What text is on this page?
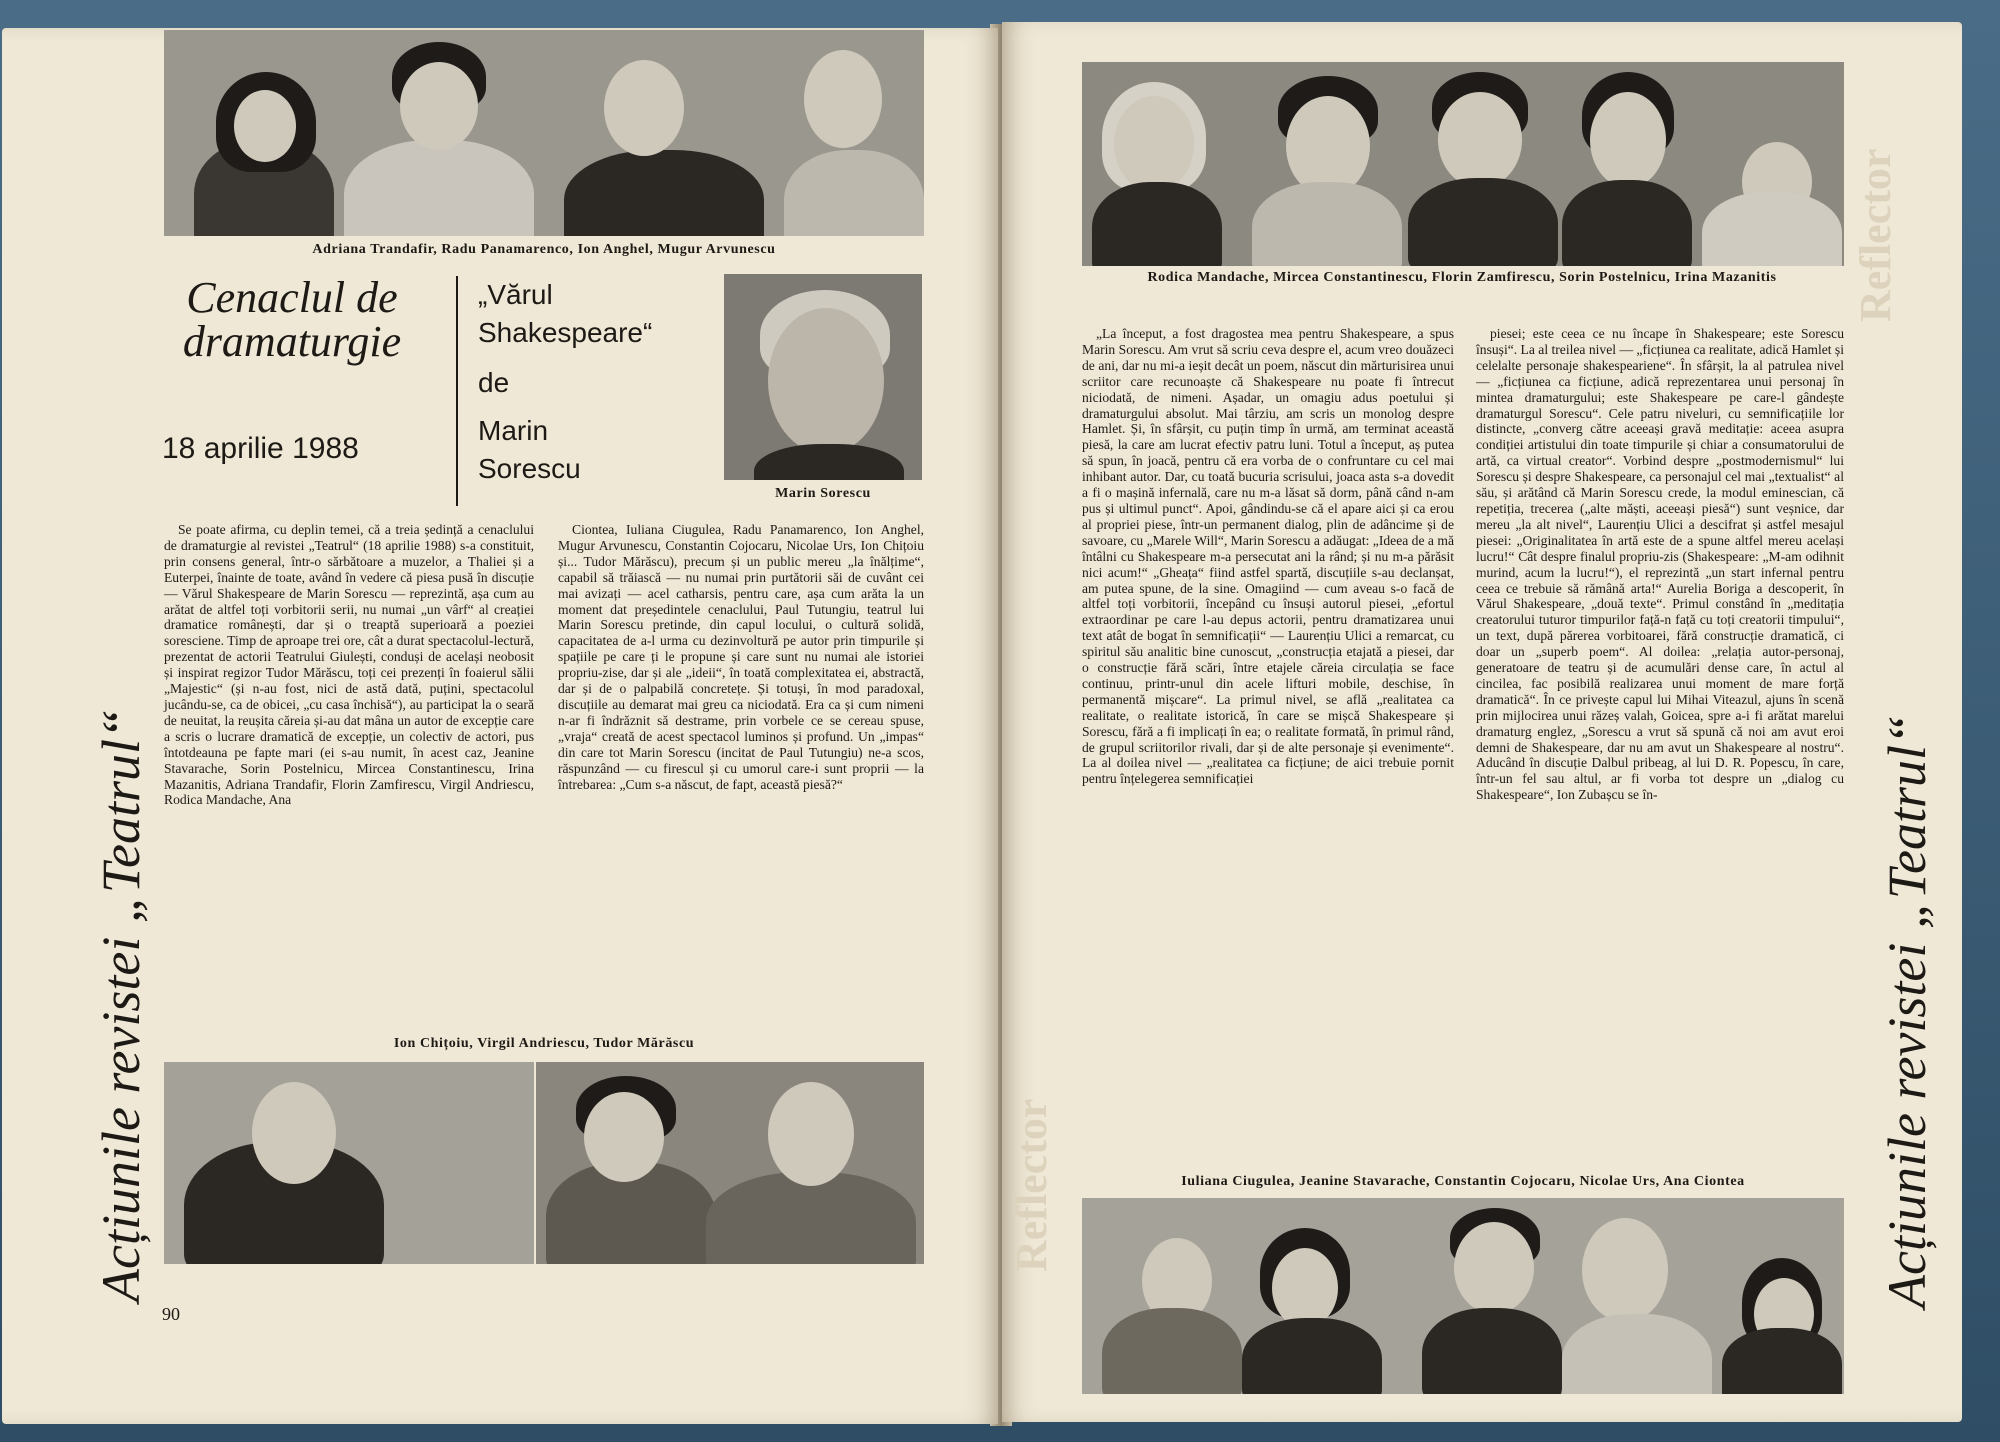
Adriana Trandafir, Radu Panamarenco, Ion Anghel, Mugur Arvunescu
Cenaclul de dramaturgie
18 aprilie 1988
„Vărul
Shakespeare“
de
Marin
Sorescu
Marin Sorescu

Se poate afirma, cu deplin temei, că a treia ședință a cenaclului de dramaturgie al revistei „Teatrul“ (18 aprilie 1988) s-a constituit, prin consens general, într-o sărbătoare a muzelor, a Thaliei și a Euterpei, înainte de toate, având în vedere că piesa pusă în discuție — Vărul Shakespeare de Marin Sorescu — reprezintă, așa cum au arătat de altfel toți vorbitorii serii, nu numai „un vârf“ al creației dramatice românești, dar și o treaptă superioară a poeziei soresciene. Timp de aproape trei ore, cât a durat spectacolul-lectură, prezentat de actorii Teatrului Giulești, conduși de același neobosit și inspirat regizor Tudor Mărăscu, toți cei prezenți în foaierul sălii „Majestic“ (și n-au fost, nici de astă dată, puțini, spectacolul jucându-se, ca de obicei, „cu casa închisă“), au participat la o seară de neuitat, la reușita căreia și-au dat mâna un autor de excepție care a scris o lucrare dramatică de excepție, un colectiv de actori, pus întotdeauna pe fapte mari (ei s-au numit, în acest caz, Jeanine Stavarache, Sorin Postelnicu, Mircea Constantinescu, Irina Mazanitis, Adriana Trandafir, Florin Zamfirescu, Virgil Andriescu, Rodica Mandache, Ana

Ciontea, Iuliana Ciugulea, Radu Panamarenco, Ion Anghel, Mugur Arvunescu, Constantin Cojocaru, Nicolae Urs, Ion Chițoiu și... Tudor Mărăscu), precum și un public mereu „la înălțime“, capabil să trăiască — nu numai prin purtătorii săi de cuvânt cei mai avizați — acel catharsis, pentru care, așa cum arăta la un moment dat președintele cenaclului, Paul Tutungiu, teatrul lui Marin Sorescu pretinde, din capul locului, o cultură solidă, capacitatea de a-l urma cu dezinvoltură pe autor prin timpurile și spațiile pe care ți le propune și care sunt nu numai ale istoriei propriu-zise, dar și ale „ideii“, în toată complexitatea ei, abstractă, dar și de o palpabilă concretețe. Și totuși, în mod paradoxal, discuțiile au demarat mai greu ca niciodată. Era ca și cum nimeni n-ar fi îndrăznit să destrame, prin vorbele ce se cereau spuse, „vraja“ creată de acest spectacol luminos și profund. Un „impas“ din care tot Marin Sorescu (incitat de Paul Tutungiu) ne-a scos, răspunzând — cu firescul și cu umorul care-i sunt proprii — la întrebarea: „Cum s-a născut, de fapt, această piesă?“

Ion Chițoiu, Virgil Andriescu, Tudor Mărăscu
Acțiunile revistei „Teatrul“
90
Reflector
Reflector
Rodica Mandache, Mircea Constantinescu, Florin Zamfirescu, Sorin Postelnicu, Irina Mazanitis

„La început, a fost dragostea mea pentru Shakespeare, a spus Marin Sorescu. Am vrut să scriu ceva despre el, acum vreo douăzeci de ani, dar nu mi-a ieșit decât un poem, născut din mărturisirea unui scriitor care recunoaște că Shakespeare nu poate fi întrecut niciodată, de nimeni. Așadar, un omagiu adus poetului și dramaturgului absolut. Mai târziu, am scris un monolog despre Hamlet. Și, în sfârșit, cu puțin timp în urmă, am terminat această piesă, la care am lucrat efectiv patru luni. Totul a început, aș putea să spun, în joacă, pentru că era vorba de o confruntare cu cel mai inhibant autor. Dar, cu toată bucuria scrisului, joaca asta s-a dovedit a fi o mașină infernală, care nu m-a lăsat să dorm, până când n-am pus și ultimul punct“. Apoi, gândindu-se că el apare aici și ca erou al propriei piese, într-un permanent dialog, plin de adâncime și de savoare, cu „Marele Will“, Marin Sorescu a adăugat: „Ideea de a mă întâlni cu Shakespeare m-a persecutat ani la rând; și nu m-a părăsit nici acum!“ „Gheața“ fiind astfel spartă, discuțiile s-au declanșat, am putea spune, de la sine. Omagiind — cum aveau s-o facă de altfel toți vorbitorii, începând cu însuși autorul piesei, „efortul extraordinar pe care l-au depus actorii, pentru dramatizarea unui text atât de bogat în semnificații“ — Laurențiu Ulici a remarcat, cu spiritul său analitic bine cunoscut, „construcția etajată a piesei, dar o construcție fără scări, între etajele căreia circulația se face continuu, printr-unul din acele lifturi mobile, deschise, în permanentă mișcare“. La primul nivel, se află „realitatea ca realitate, o realitate istorică, în care se mișcă Shakespeare și Sorescu, fără a fi implicați în ea; o realitate formată, în primul rând, de grupul scriitorilor rivali, dar și de alte personaje și evenimente“. La al doilea nivel — „realitatea ca ficțiune; de aici trebuie pornit pentru înțelegerea semnificației

piesei; este ceea ce nu încape în Shakespeare; este Sorescu însuși“. La al treilea nivel — „ficțiunea ca realitate, adică Hamlet și celelalte personaje shakespeariene“. În sfârșit, la al patrulea nivel — „ficțiunea ca ficțiune, adică reprezentarea unui personaj în mintea dramaturgului; este Shakespeare pe care-l gândește dramaturgul Sorescu“. Cele patru niveluri, cu semnificațiile lor distincte, „converg către aceeași gravă meditație: aceea asupra condiției artistului din toate timpurile și chiar a consumatorului de artă, ca virtual creator“. Vorbind despre „postmodernismul“ lui Sorescu și despre Shakespeare, ca personajul cel mai „textualist“ al său, și arătând că Marin Sorescu crede, la modul eminescian, că repetiția, trecerea („alte măști, aceeași piesă“) sunt veșnice, dar mereu „la alt nivel“, Laurențiu Ulici a descifrat și astfel mesajul piesei: „Originalitatea în artă este de a spune altfel mereu același lucru!“ Cât despre finalul propriu-zis (Shakespeare: „M-am odihnit murind, acum la lucru!“), el reprezintă „un start infernal pentru ceea ce trebuie să rămână arta!“ Aurelia Boriga a descoperit, în Vărul Shakespeare, „două texte“. Primul constând în „meditația creatorului tuturor timpurilor față-n față cu toți creatorii timpului“, un text, după părerea vorbitoarei, fără construcție dramatică, ci doar un „superb poem“. Al doilea: „relația autor-personaj, generatoare de teatru și de acumulări dense care, în actul al cincilea, fac posibilă realizarea unui moment de mare forță dramatică“. În ce privește capul lui Mihai Viteazul, ajuns în scenă prin mijlocirea unui răzeș valah, Goicea, spre a-i fi arătat marelui dramaturg englez, „Sorescu a vrut să spună că noi am avut eroi demni de Shakespeare, dar nu am avut un Shakespeare al nostru“. Aducând în discuție Dalbul pribeag, al lui D. R. Popescu, în care, într-un fel sau altul, ar fi vorba tot despre un „dialog cu Shakespeare“, Ion Zubașcu se în-

Iuliana Ciugulea, Jeanine Stavarache, Constantin Cojocaru, Nicolae Urs, Ana Ciontea	Acțiunile revistei „Teatrul“
